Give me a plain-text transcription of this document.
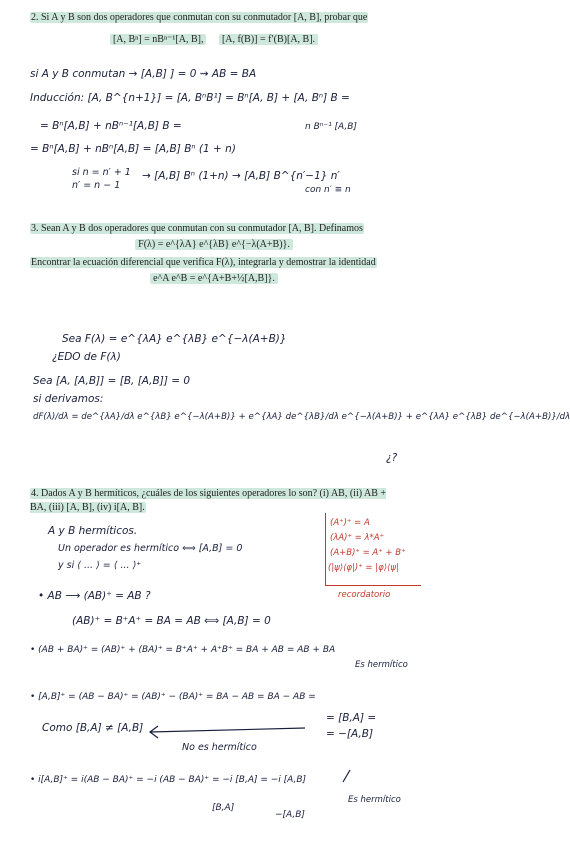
2. Si A y B son dos operadores que conmutan con su conmutador [A, B], probar que
[A, Bⁿ] = nBⁿ⁻¹[A, B], [A, f(B)] = f′(B)[A, B].
si A y B conmutan → [A,B] ] = 0 ⇝ AB = BA
Inducción: [A, B^{n+1}] = [A, BⁿB¹] = Bⁿ[A, B] + [A, Bⁿ] B =
n Bⁿ⁻¹ [A,B]
= Bⁿ[A,B] + nBⁿ⁻¹[A,B] B =
= Bⁿ[A,B] + nBⁿ[A,B] = [A,B] Bⁿ (1 + n)
si n = n′ + 1
n′ = n − 1
→ [A,B] Bⁿ (1+n) → [A,B] B^{n′−1} n′
con n′ ≡ n
3. Sean A y B dos operadores que conmutan con su conmutador [A, B]. Definamos
F(λ) = e^{λA} e^{λB} e^{−λ(A+B)}.
Encontrar la ecuación diferencial que verifica F(λ), integrarla y demostrar la identidad
e^A e^B = e^{A+B+½[A,B]}.
Sea F(λ) = e^{λA} e^{λB} e^{−λ(A+B)}
¿EDO de F(λ)
Sea [A, [A,B]] = [B, [A,B]] = 0
si derivamos:
dF(λ)/dλ = de^{λA}/dλ e^{λB} e^{−λ(A+B)} + e^{λA} de^{λB}/dλ e^{−λ(A+B)} + e^{λA} e^{λB} de^{−λ(A+B)}/dλ
¿?
4. Dados A y B hermíticos, ¿cuáles de los siguientes operadores lo son? (i) AB, (ii) AB + BA, (iii) [A, B], (iv) i[A, B].
A y B hermíticos.
Un operador es hermítico ⟺ [A,B] = 0
y si ⟨ ... ⟩ = ⟨ ... ⟩⁺
• AB ⟶ (AB)⁺ = AB ?
(AB)⁺ = B⁺A⁺ = BA = AB ⟺ [A,B] = 0
• (AB + BA)⁺ = (AB)⁺ + (BA)⁺ = B⁺A⁺ + A⁺B⁺ = BA + AB = AB + BA
Es hermítico
• [A,B]⁺ = (AB − BA)⁺ = (AB)⁺ − (BA)⁺ = BA − AB = BA − AB =
= [B,A] =
Como [B,A] ≠ [A,B]	= −[A,B]
No es hermítico
• i[A,B]⁺ = i(AB − BA)⁺ = −i (AB − BA)⁺ = −i [B,A] = −i [A,B]
[B,A]
−[A,B]
Es hermítico
(A⁺)⁺ = A
(λA)⁺ = λ*A⁺
(A+B)⁺ = A⁺ + B⁺
(|ψ⟩⟨φ|)⁺ = |φ⟩⟨ψ|
recordatorio
